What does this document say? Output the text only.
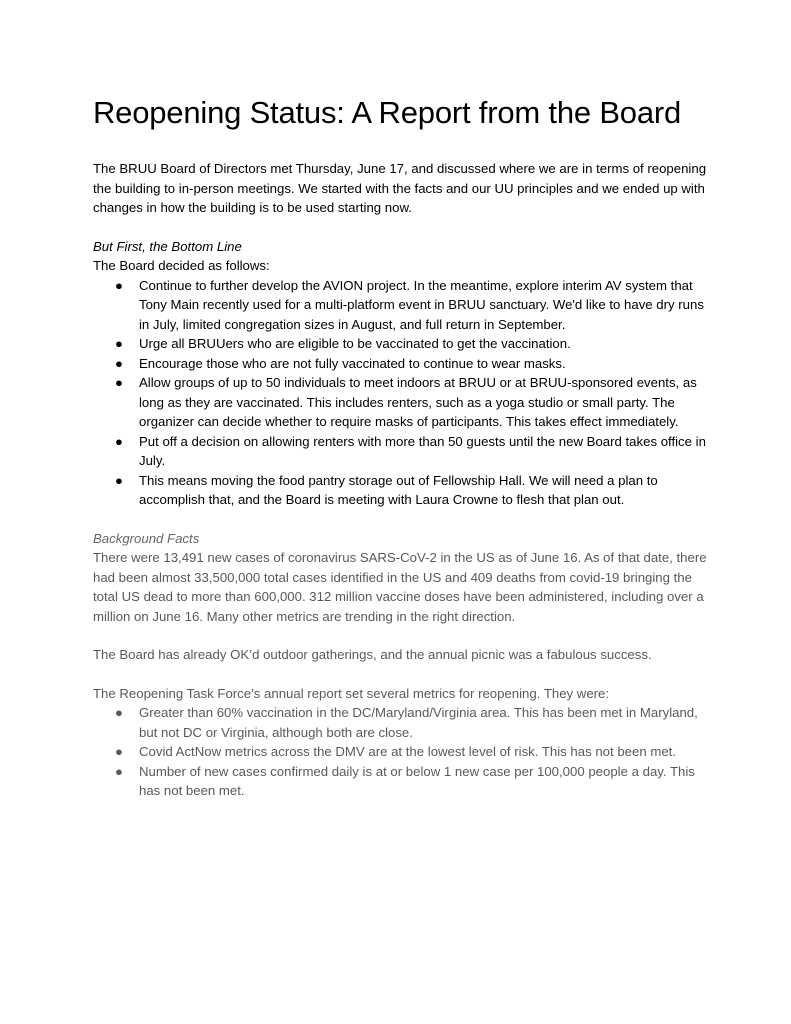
Reopening Status: A Report from the Board

The BRUU Board of Directors met Thursday, June 17, and discussed where we are in terms of reopening the building to in-person meetings. We started with the facts and our UU principles and we ended up with changes in how the building is to be used starting now.

But First, the Bottom Line

The Board decided as follows:

● Continue to further develop the AVION project. In the meantime, explore interim AV system that Tony Main recently used for a multi-platform event in BRUU sanctuary. We'd like to have dry runs in July, limited congregation sizes in August, and full return in September.
● Urge all BRUUers who are eligible to be vaccinated to get the vaccination.
● Encourage those who are not fully vaccinated to continue to wear masks.
● Allow groups of up to 50 individuals to meet indoors at BRUU or at BRUU-sponsored events, as long as they are vaccinated. This includes renters, such as a yoga studio or small party. The organizer can decide whether to require masks of participants. This takes effect immediately.
● Put off a decision on allowing renters with more than 50 guests until the new Board takes office in July.
● This means moving the food pantry storage out of Fellowship Hall. We will need a plan to accomplish that, and the Board is meeting with Laura Crowne to flesh that plan out.

Background Facts

There were 13,491 new cases of coronavirus SARS-CoV-2 in the US as of June 16. As of that date, there had been almost 33,500,000 total cases identified in the US and 409 deaths from covid-19 bringing the total US dead to more than 600,000. 312 million vaccine doses have been administered, including over a million on June 16. Many other metrics are trending in the right direction.

The Board has already OK’d outdoor gatherings, and the annual picnic was a fabulous success.

The Reopening Task Force’s annual report set several metrics for reopening. They were:

● Greater than 60% vaccination in the DC/Maryland/Virginia area. This has been met in Maryland, but not DC or Virginia, although both are close.
● Covid ActNow metrics across the DMV are at the lowest level of risk. This has not been met.
● Number of new cases confirmed daily is at or below 1 new case per 100,000 people a day. This has not been met.
